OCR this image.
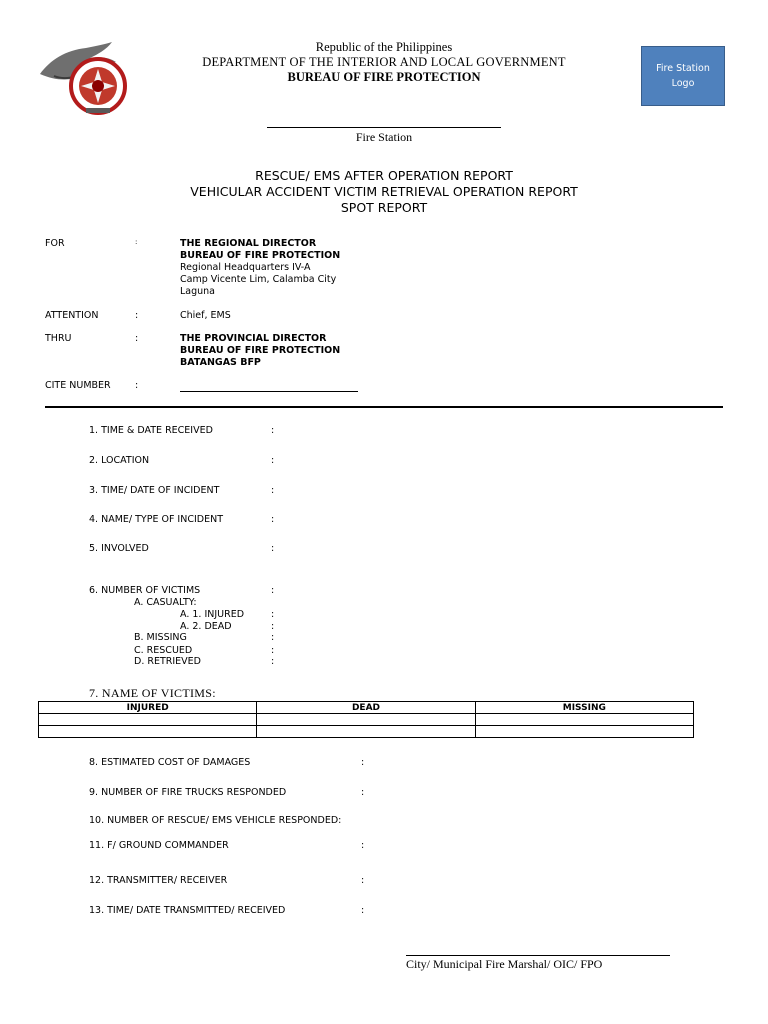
Republic of the Philippines
DEPARTMENT OF THE INTERIOR AND LOCAL GOVERNMENT
BUREAU OF FIRE PROTECTION
Fire Station
Logo
Fire Station
RESCUE/ EMS AFTER OPERATION REPORT
VEHICULAR ACCIDENT VICTIM RETRIEVAL OPERATION REPORT
SPOT REPORT
FOR	:	THE REGIONAL DIRECTOR
BUREAU OF FIRE PROTECTION
Regional Headquarters IV-A
Camp Vicente Lim, Calamba City
Laguna
ATTENTION	:	Chief, EMS
THRU	:	THE PROVINCIAL DIRECTOR
BUREAU OF FIRE PROTECTION
BATANGAS BFP
CITE NUMBER	:
1. TIME & DATE RECEIVED	:
2. LOCATION	:
3. TIME/ DATE OF INCIDENT	:
4. NAME/ TYPE OF INCIDENT	:
5. INVOLVED	:
6. NUMBER OF VICTIMS	:
A. CASUALTY:
A. 1. INJURED	:
A. 2. DEAD	:
B. MISSING	:
C. RESCUED	:
D. RETRIEVED	:
7. NAME OF VICTIMS:
INJURED	DEAD	MISSING

8. ESTIMATED COST OF DAMAGES	:
9. NUMBER OF FIRE TRUCKS RESPONDED	:
10. NUMBER OF RESCUE/ EMS VEHICLE RESPONDED:
11. F/ GROUND COMMANDER	:
12. TRANSMITTER/ RECEIVER	:
13. TIME/ DATE TRANSMITTED/ RECEIVED	:
City/ Municipal Fire Marshal/ OIC/ FPO
